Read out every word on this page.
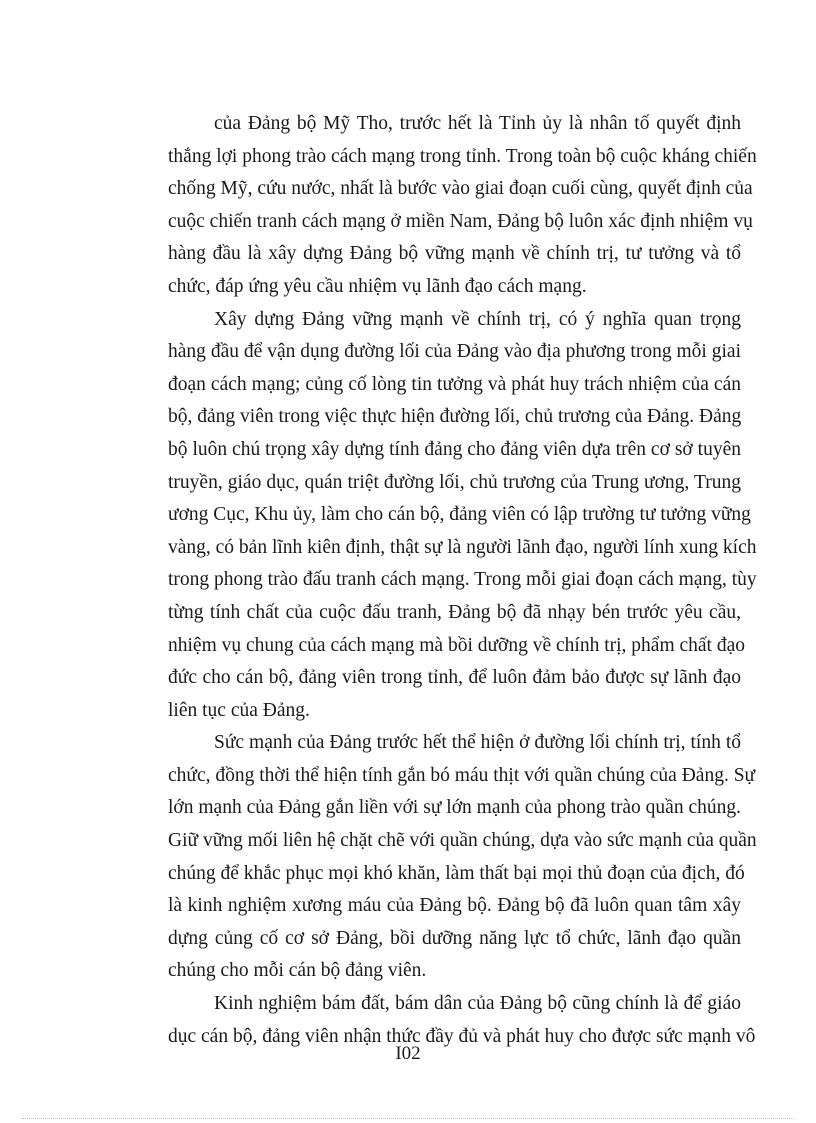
của Đảng bộ Mỹ Tho, trước hết là Tỉnh ủy là nhân tố quyết định
thắng lợi phong trào cách mạng trong tỉnh. Trong toàn bộ cuộc kháng chiến
chống Mỹ, cứu nước, nhất là bước vào giai đoạn cuối cùng, quyết định của
cuộc chiến tranh cách mạng ở miền Nam, Đảng bộ luôn xác định nhiệm vụ
hàng đầu là xây dựng Đảng bộ vững mạnh về chính trị, tư tưởng và tổ
chức, đáp ứng yêu cầu nhiệm vụ lãnh đạo cách mạng.
Xây dựng Đảng vững mạnh về chính trị, có ý nghĩa quan trọng
hàng đầu để vận dụng đường lối của Đảng vào địa phương trong mỗi giai
đoạn cách mạng; củng cố lòng tin tưởng và phát huy trách nhiệm của cán
bộ, đảng viên trong việc thực hiện đường lối, chủ trương của Đảng. Đảng
bộ luôn chú trọng xây dựng tính đảng cho đảng viên dựa trên cơ sở tuyên
truyền, giáo dục, quán triệt đường lối, chủ trương của Trung ương, Trung
ương Cục, Khu ủy, làm cho cán bộ, đảng viên có lập trường tư tưởng vững
vàng, có bản lĩnh kiên định, thật sự là người lãnh đạo, người lính xung kích
trong phong trào đấu tranh cách mạng. Trong mỗi giai đoạn cách mạng, tùy
từng tính chất của cuộc đấu tranh, Đảng bộ đã nhạy bén trước yêu cầu,
nhiệm vụ chung của cách mạng mà bồi dưỡng về chính trị, phẩm chất đạo
đức cho cán bộ, đảng viên trong tỉnh, để luôn đảm bảo được sự lãnh đạo
liên tục của Đảng.
Sức mạnh của Đảng trước hết thể hiện ở đường lối chính trị, tính tổ
chức, đồng thời thể hiện tính gắn bó máu thịt với quần chúng của Đảng. Sự
lớn mạnh của Đảng gắn liền với sự lớn mạnh của phong trào quần chúng.
Giữ vững mối liên hệ chặt chẽ với quần chúng, dựa vào sức mạnh của quần
chúng để khắc phục mọi khó khăn, làm thất bại mọi thủ đoạn của địch, đó
là kinh nghiệm xương máu của Đảng bộ. Đảng bộ đã luôn quan tâm xây
dựng củng cố cơ sở Đảng, bồi dưỡng năng lực tổ chức, lãnh đạo quần
chúng cho mỗi cán bộ đảng viên.
Kinh nghiệm bám đất, bám dân của Đảng bộ cũng chính là để giáo
dục cán bộ, đảng viên nhận thức đầy đủ và phát huy cho được sức mạnh vô
I02
